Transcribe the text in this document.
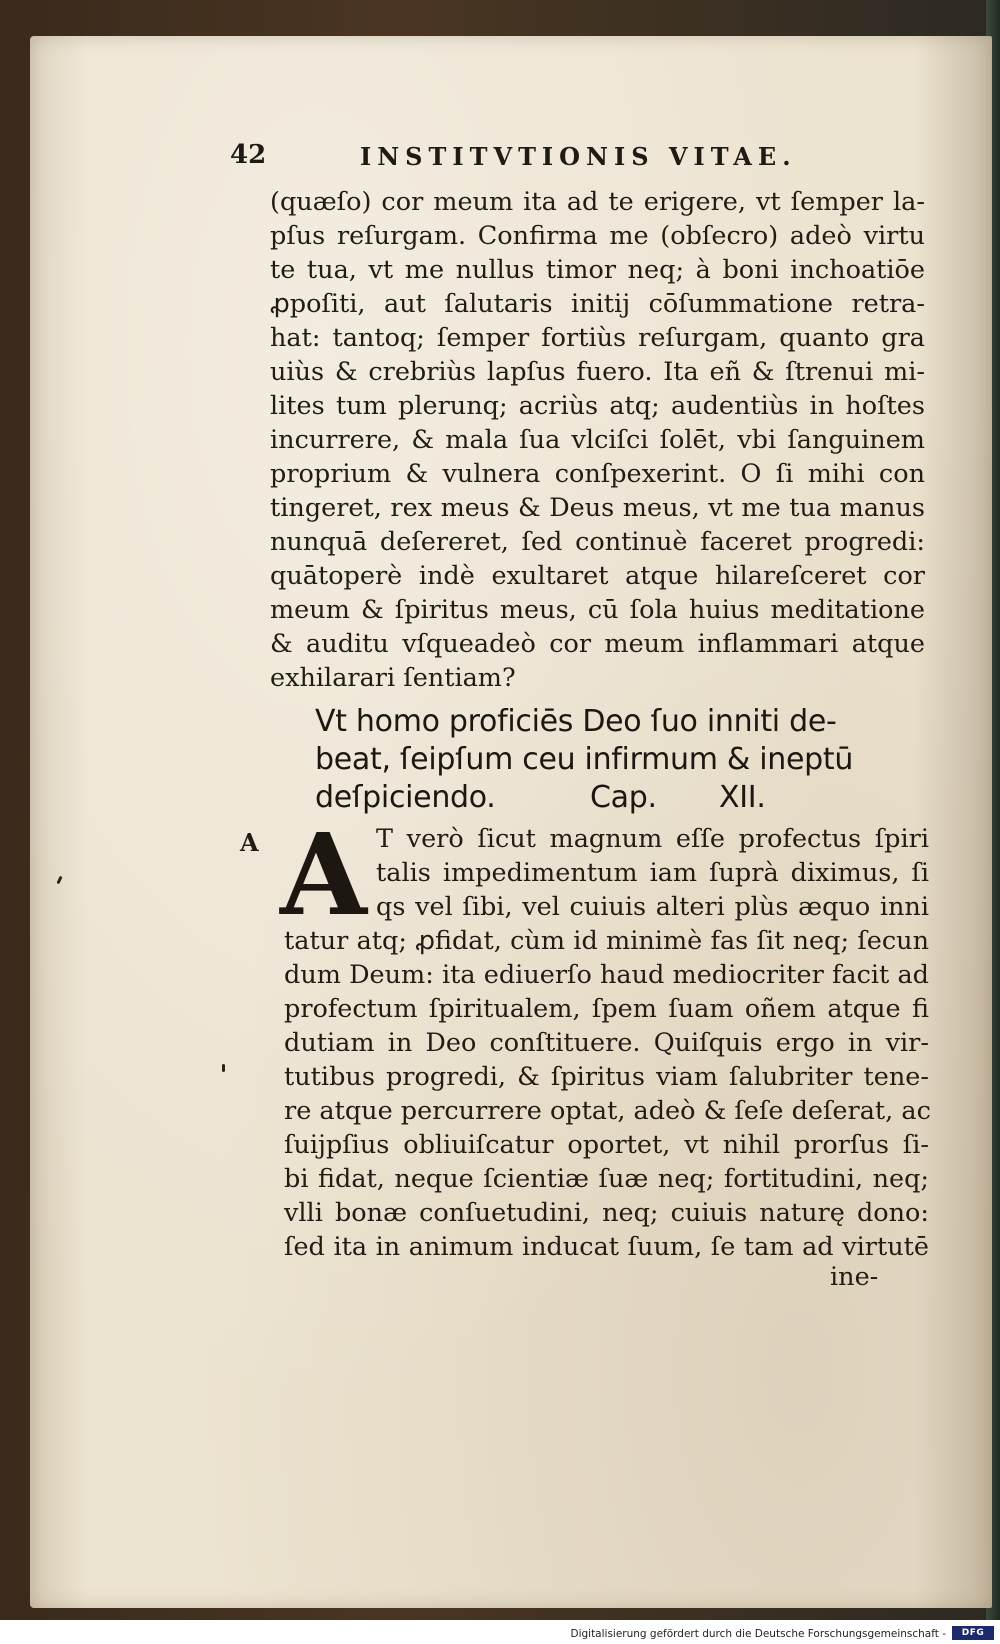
42	INSTITVTIONIS VITAE.
(quæſo) cor meum ita ad te erigere, vt ſemper la-
pſus reſurgam. Confirma me (obſecro) adeò virtu
te tua, vt me nullus timor neq; à boni inchoatiōe
ꝓpoſiti, aut ſalutaris initij cōſummatione retra-
hat: tantoq; ſemper fortiùs reſurgam, quanto gra
uiùs & crebriùs lapſus fuero. Ita eñ & ſtrenui mi-
lites tum plerunq; acriùs atq; audentiùs in hoſtes
incurrere, & mala ſua vlciſci ſolēt, vbi ſanguinem
proprium & vulnera conſpexerint. O ſi mihi con
tingeret, rex meus & Deus meus, vt me tua manus
nunquā deſereret, ſed continuè faceret progredi:
quātoperè indè exultaret atque hilareſceret cor
meum & ſpiritus meus, cū ſola huius meditatione
& auditu vſqueadeò cor meum inflammari atque
exhilarari ſentiam?
Vt homo proficiēs Deo ſuo inniti de-
beat, ſeipſum ceu infirmum & ineptū
deſpiciendo.	Cap. XII.
A A T verò ſicut magnum eſſe profectus ſpiri
talis impedimentum iam ſuprà diximus, ſi
qs vel ſibi, vel cuiuis alteri plùs æquo inni
tatur atq; ꝓfidat, cùm id minimè fas ſit neq; ſecun
dum Deum: ita ediuerſo haud mediocriter facit ad
profectum ſpiritualem, ſpem ſuam oñem atque fi
dutiam in Deo conſtituere. Quiſquis ergo in vir-
tutibus progredi, & ſpiritus viam ſalubriter tene-
re atque percurrere optat, adeò & ſeſe deſerat, ac
ſuijpſius obliuiſcatur oportet, vt nihil prorſus ſi-
bi fidat, neque ſcientiæ ſuæ neq; fortitudini, neq;
vlli bonæ conſuetudini, neq; cuiuis naturę dono:
ſed ita in animum inducat ſuum, ſe tam ad virtutē
ine-
Digitalisierung gefördert durch die Deutsche Forschungsgemeinschaft -	DFG
